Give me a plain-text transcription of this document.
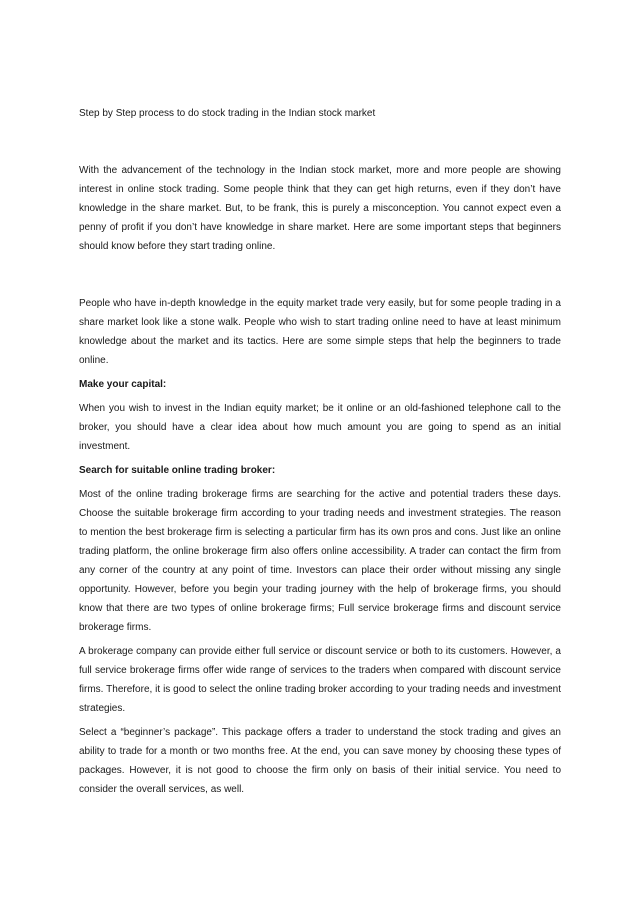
Step by Step process to do stock trading in the Indian stock market

With the advancement of the technology in the Indian stock market, more and more people are showing interest in online stock trading. Some people think that they can get high returns, even if they don’t have knowledge in the share market. But, to be frank, this is purely a misconception. You cannot expect even a penny of profit if you don’t have knowledge in share market. Here are some important steps that beginners should know before they start trading online.

People who have in-depth knowledge in the equity market trade very easily, but for some people trading in a share market look like a stone walk. People who wish to start trading online need to have at least minimum knowledge about the market and its tactics. Here are some simple steps that help the beginners to trade online.

Make your capital:

When you wish to invest in the Indian equity market; be it online or an old-fashioned telephone call to the broker, you should have a clear idea about how much amount you are going to spend as an initial investment.

Search for suitable online trading broker:

Most of the online trading brokerage firms are searching for the active and potential traders these days. Choose the suitable brokerage firm according to your trading needs and investment strategies. The reason to mention the best brokerage firm is selecting a particular firm has its own pros and cons. Just like an online trading platform, the online brokerage firm also offers online accessibility. A trader can contact the firm from any corner of the country at any point of time. Investors can place their order without missing any single opportunity. However, before you begin your trading journey with the help of brokerage firms, you should know that there are two types of online brokerage firms; Full service brokerage firms and discount service brokerage firms.

A brokerage company can provide either full service or discount service or both to its customers. However, a full service brokerage firms offer wide range of services to the traders when compared with discount service firms. Therefore, it is good to select the online trading broker according to your trading needs and investment strategies.

Select a “beginner’s package”. This package offers a trader to understand the stock trading and gives an ability to trade for a month or two months free. At the end, you can save money by choosing these types of packages. However, it is not good to choose the firm only on basis of their initial service. You need to consider the overall services, as well.
